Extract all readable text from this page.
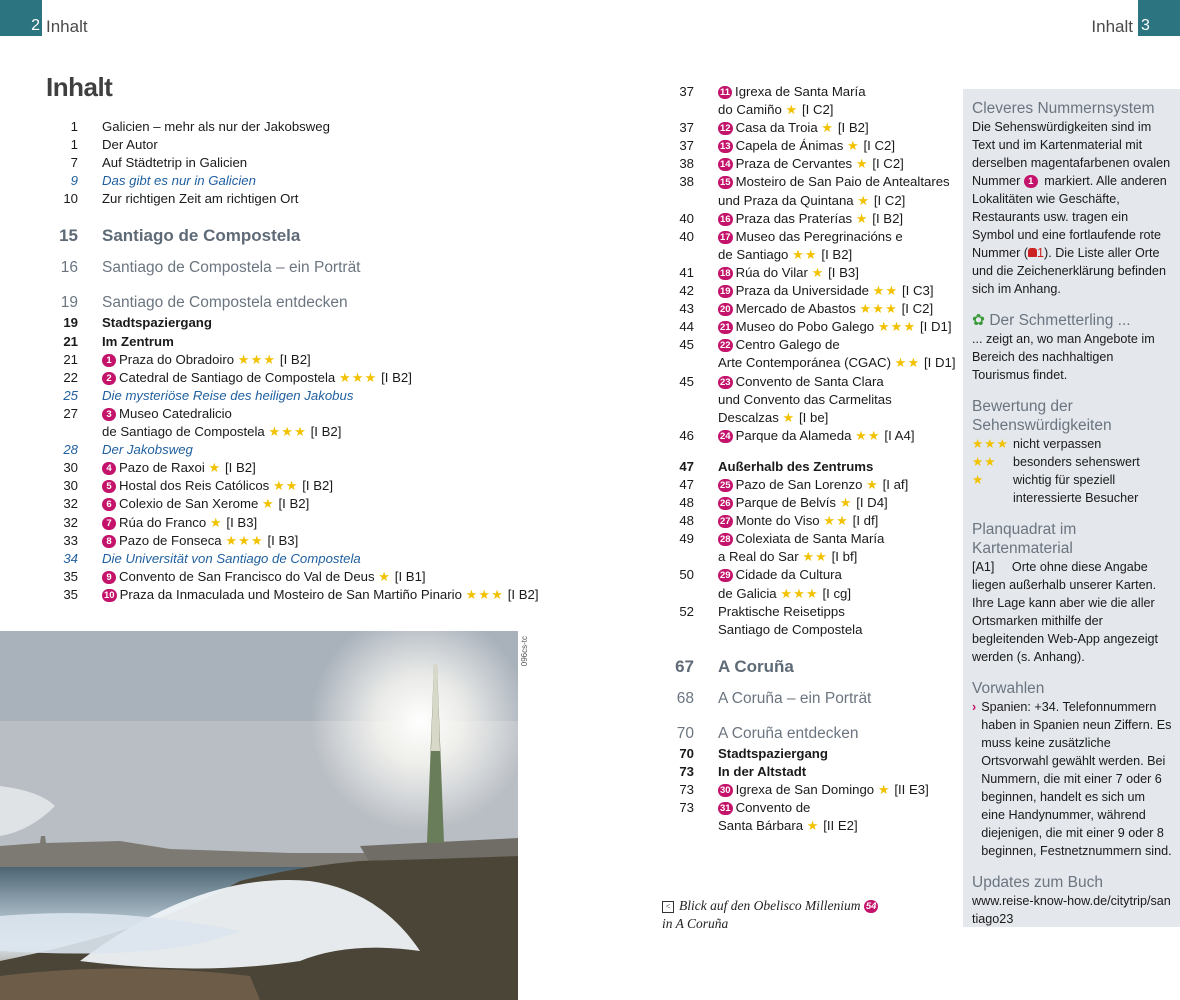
2 Inhalt	3
Inhalt
Inhalt
1	Galicien – mehr als nur der Jakobsweg
1	Der Autor
7	Auf Städtetrip in Galicien
9	Das gibt es nur in Galicien
10	Zur richtigen Zeit am richtigen Ort
15	Santiago de Compostela
16	Santiago de Compostela – ein Porträt
19	Santiago de Compostela entdecken
19	Stadtspaziergang
21	Im Zentrum
21	1 Praza do Obradoiro ★★★ [I B2]
22	2 Catedral de Santiago de Compostela ★★★ [I B2]
25	Die mysteriöse Reise des heiligen Jakobus
27	3 Museo Catedralicio
de Santiago de Compostela ★★★ [I B2]
28	Der Jakobsweg
30	4 Pazo de Raxoi ★ [I B2]
30	5 Hostal dos Reis Católicos ★★ [I B2]
32	6 Colexio de San Xerome ★ [I B2]
32	7 Rúa do Franco ★ [I B3]
33	8 Pazo de Fonseca ★★★ [I B3]
34	Die Universität von Santiago de Compostela
35	9 Convento de San Francisco do Val de Deus ★ [I B1]
35	10 Praza da Inmaculada und Mosteiro de San Martiño Pinario ★★★ [I B2]
37	11 Igrexa de Santa María
do Camiño ★ [I C2]
37	12 Casa da Troia ★ [I B2]
37	13 Capela de Ánimas ★ [I C2]
38	14 Praza de Cervantes ★ [I C2]
38	15 Mosteiro de San Paio de Antealtares
und Praza da Quintana ★ [I C2]
40	16 Praza das Praterías ★ [I B2]
40	17 Museo das Peregrinacións e
de Santiago ★★ [I B2]
41	18 Rúa do Vilar ★ [I B3]
42	19 Praza da Universidade ★★ [I C3]
43	20 Mercado de Abastos ★★★ [I C2]
44	21 Museo do Pobo Galego ★★★ [I D1]
45	22 Centro Galego de
Arte Contemporánea (CGAC) ★★ [I D1]
45	23 Convento de Santa Clara
und Convento das Carmelitas
Descalzas ★ [I be]
46	24 Parque da Alameda ★★ [I A4]
47	Außerhalb des Zentrums
47	25 Pazo de San Lorenzo ★ [I af]
48	26 Parque de Belvís ★ [I D4]
48	27 Monte do Viso ★★ [I df]
49	28 Colexiata de Santa María
a Real do Sar ★★ [I bf]
50	29 Cidade da Cultura
de Galicia ★★★ [I cg]
52	Praktische Reisetipps
Santiago de Compostela
67	A Coruña
68	A Coruña – ein Porträt
70	A Coruña entdecken
70	Stadtspaziergang
73	In der Altstadt
73	30 Igrexa de San Domingo ★ [II E3]
73	31 Convento de
Santa Bárbara ★ [II E2]
096cs-tc
< Blick auf den Obelisco Millenium 54
in A Coruña
Cleveres Nummernsystem
Die Sehenswürdigkeiten sind im Text und im Kartenmaterial mit derselben magentafarbenen ovalen Nummer 1 markiert. Alle anderen Lokalitäten wie Geschäfte, Restaurants usw. tragen ein Symbol und eine fortlaufende rote Nummer ( 1). Die Liste aller Orte und die Zeichenerklärung befinden sich im Anhang.
✿ Der Schmetterling ...
... zeigt an, wo man Angebote im Bereich des nachhaltigen Tourismus findet.
Bewertung der Sehenswürdigkeiten
★★★ nicht verpassen
★★	besonders sehenswert
★	wichtig für speziell interessierte Besucher
Planquadrat im Kartenmaterial
[A1] Orte ohne diese Angabe liegen außerhalb unserer Karten. Ihre Lage kann aber wie die aller Ortsmarken mithilfe der begleitenden Web-App angezeigt werden (s. Anhang).
Vorwahlen
› Spanien: +34. Telefonnummern haben in Spanien neun Ziffern. Es muss keine zusätzliche Ortsvorwahl gewählt werden. Bei Nummern, die mit einer 7 oder 6 beginnen, handelt es sich um eine Handynummer, während diejenigen, die mit einer 9 oder 8 beginnen, Festnetznummern sind.
Updates zum Buch
www.reise-know-how.de/citytrip/santiago23
